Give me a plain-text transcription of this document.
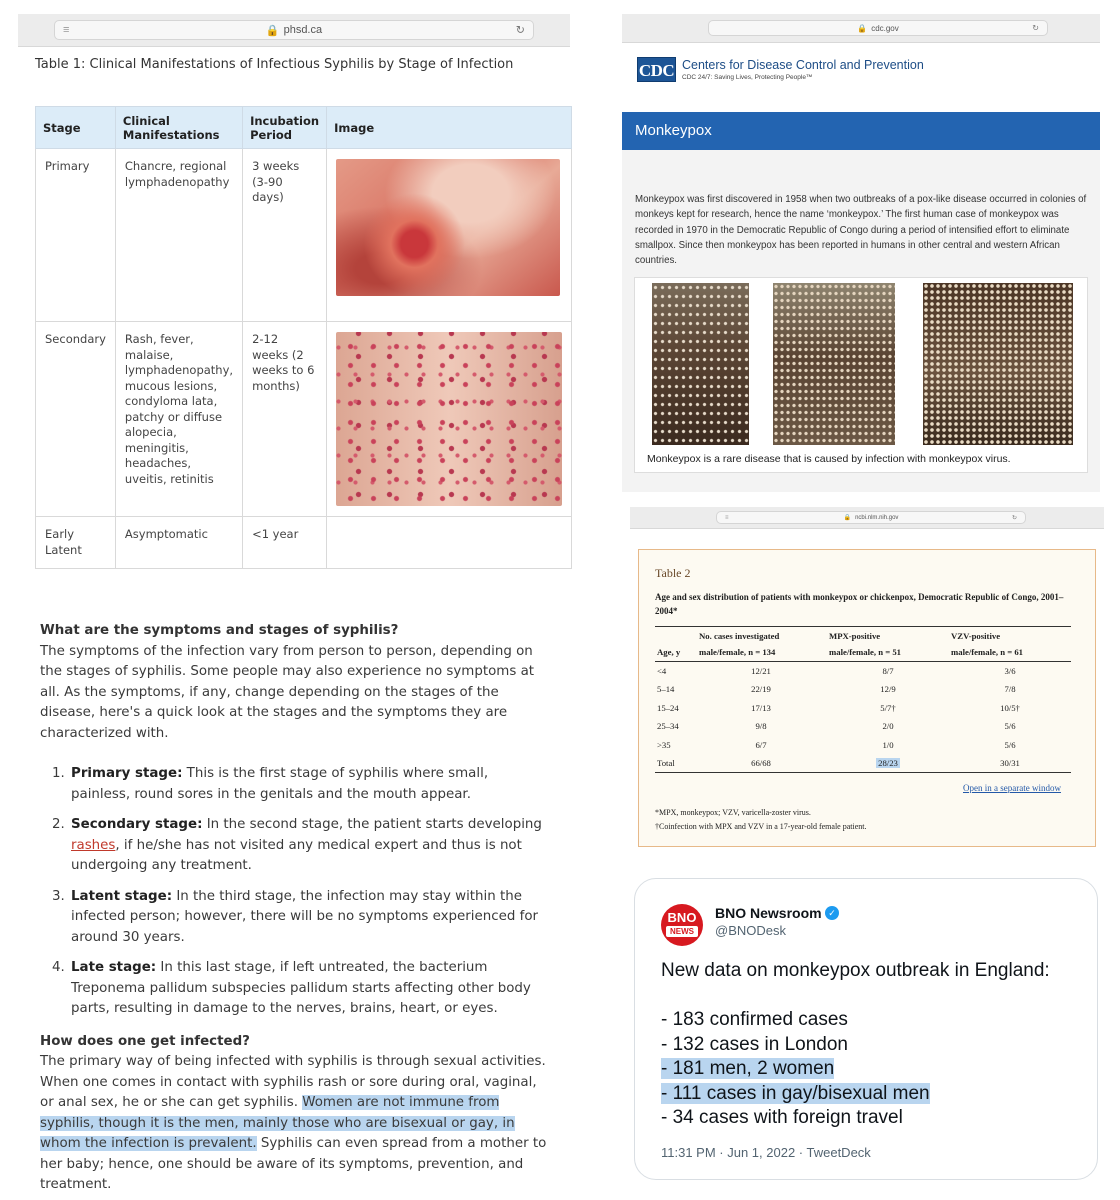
≡	🔒 phsd.ca	↻
Table 1: Clinical Manifestations of Infectious Syphilis by Stage of Infection
Stage	Clinical Manifestations	Incubation Period	Image
Primary	Chancre, regional lymphadenopathy	3 weeks (3-90 days)	

Secondary	Rash, fever, malaise, lymphadenopathy, mucous lesions, condyloma lata, patchy or diffuse alopecia, meningitis, headaches, uveitis, retinitis	2-12 weeks (2 weeks to 6 months)	

Early Latent	Asymptomatic	<1 year	
What are the symptoms and stages of syphilis?

The symptoms of the infection vary from person to person, depending on the stages of syphilis. Some people may also experience no symptoms at all. As the symptoms, if any, change depending on the stages of the disease, here's a quick look at the stages and the symptoms they are characterized with.

1. Primary stage: This is the first stage of syphilis where small, painless, round sores in the genitals and the mouth appear.
2. Secondary stage: In the second stage, the patient starts developing rashes, if he/she has not visited any medical expert and thus is not undergoing any treatment.
3. Latent stage: In the third stage, the infection may stay within the infected person; however, there will be no symptoms experienced for around 30 years.
4. Late stage: In this last stage, if left untreated, the bacterium Treponema pallidum subspecies pallidum starts affecting other body parts, resulting in damage to the nerves, brains, heart, or eyes.
How does one get infected?

The primary way of being infected with syphilis is through sexual activities. When one comes in contact with syphilis rash or sore during oral, vaginal, or anal sex, he or she can get syphilis. Women are not immune from syphilis, though it is the men, mainly those who are bisexual or gay, in whom the infection is prevalent. Syphilis can even spread from a mother to her baby; hence, one should be aware of its symptoms, prevention, and treatment.

🔒 cdc.gov	↻
CDC Centers for Disease Control and Prevention
CDC 24/7: Saving Lives, Protecting People™
Monkeypox
Monkeypox was first discovered in 1958 when two outbreaks of a pox-like disease occurred in colonies of monkeys kept for research, hence the name ‘monkeypox.’ The first human case of monkeypox was recorded in 1970 in the Democratic Republic of Congo during a period of intensified effort to eliminate smallpox. Since then monkeypox has been reported in humans in other central and western African countries.
Monkeypox is a rare disease that is caused by infection with monkeypox virus.
≡	🔒 ncbi.nlm.nih.gov	↻
Table 2
Age and sex distribution of patients with monkeypox or chickenpox, Democratic Republic of Congo, 2001–2004*
	No. cases investigated	MPX-positive	VZV-positive
Age, y	male/female, n = 134	male/female, n = 51	male/female, n = 61
<4	12/21	8/7	3/6
5–14	22/19	12/9	7/8
15–24	17/13	5/7†	10/5†
25–34	9/8	2/0	5/6
>35	6/7	1/0	5/6
Total	66/68	28/23	30/31
Open in a separate window
*MPX, monkeypox; VZV, varicella-zoster virus.
†Coinfection with MPX and VZV in a 17-year-old female patient.
BNO
NEWS
BNO Newsroom ✓
@BNODesk
New data on monkeypox outbreak in England:
- 183 confirmed cases
- 132 cases in London
- 181 men, 2 women
- 111 cases in gay/bisexual men
- 34 cases with foreign travel
11:31 PM · Jun 1, 2022 · TweetDeck
